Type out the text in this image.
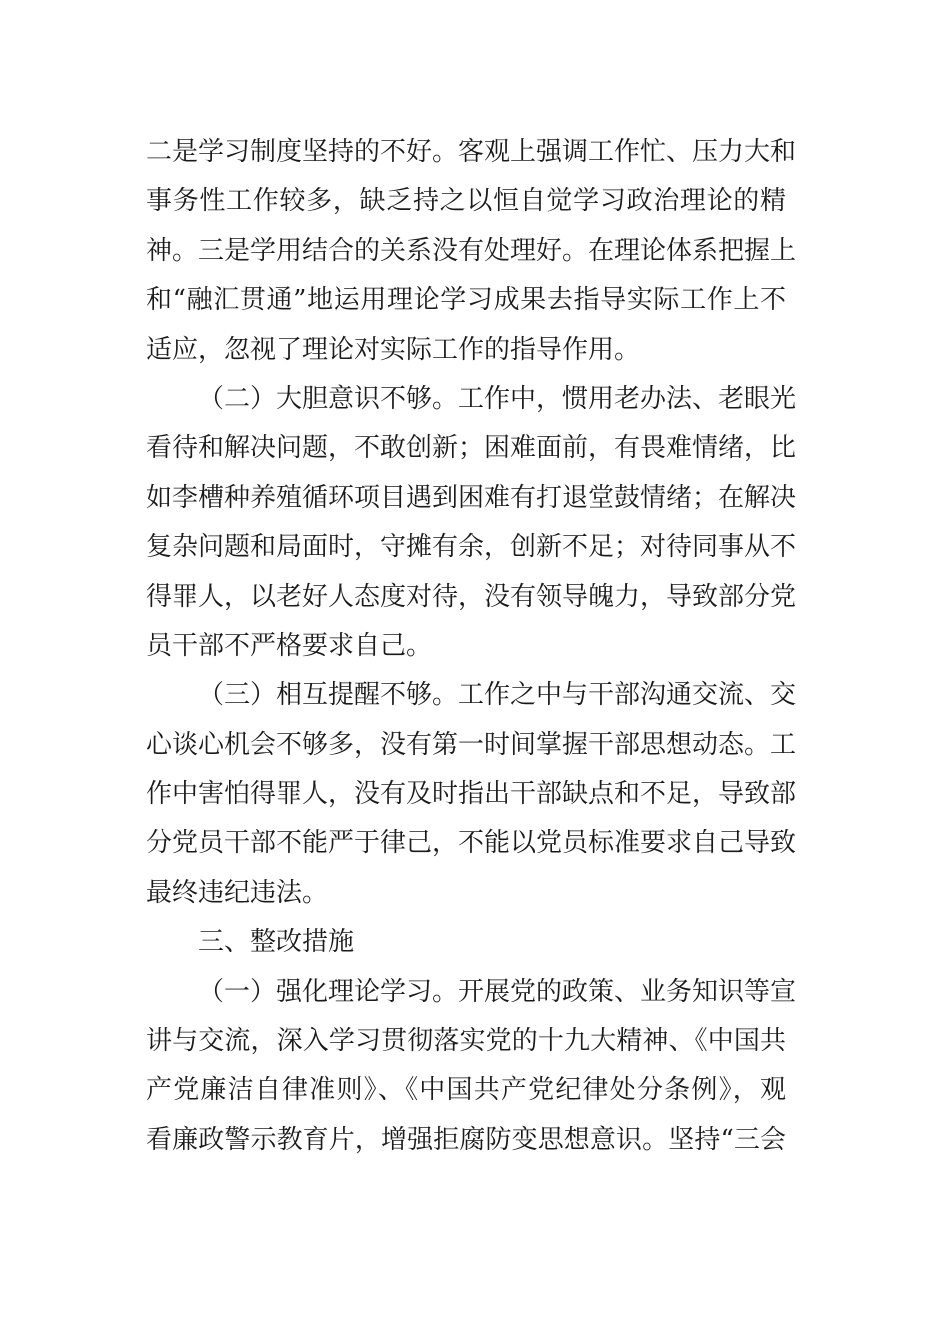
二是学习制度坚持的不好。客观上强调工作忙、压力大和
事务性工作较多，缺乏持之以恒自觉学习政治理论的精
神。三是学用结合的关系没有处理好。在理论体系把握上
和“融汇贯通”地运用理论学习成果去指导实际工作上不
适应，忽视了理论对实际工作的指导作用。
（二）大胆意识不够。工作中，惯用老办法、老眼光
看待和解决问题，不敢创新；困难面前，有畏难情绪，比
如李槽种养殖循环项目遇到困难有打退堂鼓情绪；在解决
复杂问题和局面时，守摊有余，创新不足；对待同事从不
得罪人，以老好人态度对待，没有领导魄力，导致部分党
员干部不严格要求自己。
（三）相互提醒不够。工作之中与干部沟通交流、交
心谈心机会不够多，没有第一时间掌握干部思想动态。工
作中害怕得罪人，没有及时指出干部缺点和不足，导致部
分党员干部不能严于律己，不能以党员标准要求自己导致
最终违纪违法。
三、整改措施
（一）强化理论学习。开展党的政策、业务知识等宣
讲与交流，深入学习贯彻落实党的十九大精神、《中国共
产党廉洁自律准则》、《中国共产党纪律处分条例》，观
看廉政警示教育片，增强拒腐防变思想意识。坚持“三会
